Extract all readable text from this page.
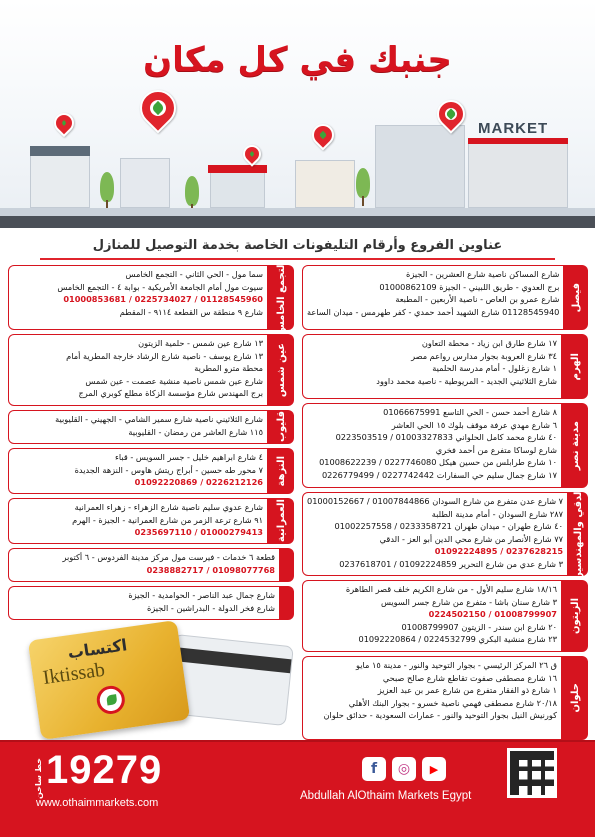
جنبك في كل مكان
MARKET
عناوين الفروع وأرقام التليفونات الخاصة بخدمة التوصيل للمنازل
شارع المساكن ناصية شارع العشرين - الجيزة
برج العدوي - طريق اللبيني - الجيزة 01000862109
شارع عمرو بن العاص - ناصية الأربعين - المطبعة
01128545940 شارع الشهيد أحمد حمدي - كفر طهرمس - ميدان الساعة فيصل
١٧ شارع طارق ابن زياد - محطة التعاون
٣٤ شارع العروبة بجوار مدارس رواعم مصر
١ شارع زغلول - أمام مدرسة الحلمية
شارع الثلاثيني الجديد - المريوطية - ناصية محمد داوود
الهرم
٨ شارع أحمد حسن - الحي التاسع 01066675991
٦ شارع مهدي عرفة موقف بلوك ١٥ الحي العاشر
٤٠ شارع محمد كامل الحلواني 01003327833 / 0223503519
شارع لوساكا متفرع من أحمد فخري
١٠ شارع طرابلس من حسين هيكل 0227746080 / 01008622239
١٧ شارع جمال سليم حي السفارات 0227742442 / 0226779499
مدينة نصر
٧ شارع عدن متفرع من شارع السودان 01007844866 / 01000152667
٢٨٧ شارع السودان - أمام مدينة الطلبة
٤٠ شارع طهران - ميدان طهران 0233358721 / 01002257558
٧٧ شارع الأنصار من شارع محي الدين أبو العز - الدقي
01092224895 / 0237628215
٣ شارع عدي من شارع التحرير 01092224859 / 0237618701 الدقي والمهندسين
١٨/١٦ شارع سليم الأول - من شارع الكريم خلف قصر الطاهرة
٣ شارع سنان باشا - متفرع من شارع جسر السويس
0224502150 / 01008799907
٢٠ شارع ابن سندر - الزيتون 01008799907
٢٣ شارع منشية البكري 0224532799 / 01092220864
الزيتون
ق ٢٦ المركز الرئيسي - بجوار التوحيد والنور - مدينة ١٥ مايو
١٦ شارع مصطفى صفوت تقاطع شارع صالح صبحي
١ شارع ذو الفقار متفرع من شارع عمر بن عبد العزيز
٢٠/١٨ شارع مصطفى فهمي ناصية خسرو - بجوار البنك الأهلي
كورنيش النيل بجوار التوحيد والنور - عمارات السعودية - حدائق حلوان
حلوان
سما مول - الحي الثاني - التجمع الخامس
سيوت مول أمام الجامعة الأمريكية - بوابة ٤ - التجمع الخامس
01000853681 / 0225734027 / 01128545960
شارع ٩ منطقة س القطعة ٩١١٤ - المقطم التجمع الخامس
١٣ شارع عين شمس - حلمية الزيتون
١٣ شارع يوسف - ناصية شارع الرشاد خارجة المطرية أمام
محطة مترو المطرية
شارع عين شمس ناصية منشية عصمت - عين شمس
برج المهندس شارع مؤسسة الزكاة مطلع كوبري المرج عين شمس
شارع الثلاثيني ناصية شارع سمير الشامي - الجهيني - القليوبية
١١٥ شارع العاشر من رمضان - القليوبية قليوب
٤ شارع ابراهيم خليل - جسر السويس - قباء
٧ محور طه حسين - أبراج ريتش هاوس - النزهة الجديدة
01092220869 / 0226212126 النزهة
شارع عدوي سليم ناصية شارع الزهراء - زهراء العمرانية
٩١ شارع ترعة الزمر من شارع العمرانية - الجيزة - الهرم
0235697110 / 01000279413 العمرانية
قطعة ٦ خدمات - فيرست مول مركز مدينة الفردوس - ٦ أكتوبر
0238882717 / 01098077768
شارع جمال عبد الناصر - الحوامدية - الجيزة
شارع فخر الدولة - البدراشين - الجيزة
اكتساب
Iktissab
خط ساخن 19279
www.othaimmarkets.com
f	◎	▶
Abdullah AlOthaim Markets Egypt
